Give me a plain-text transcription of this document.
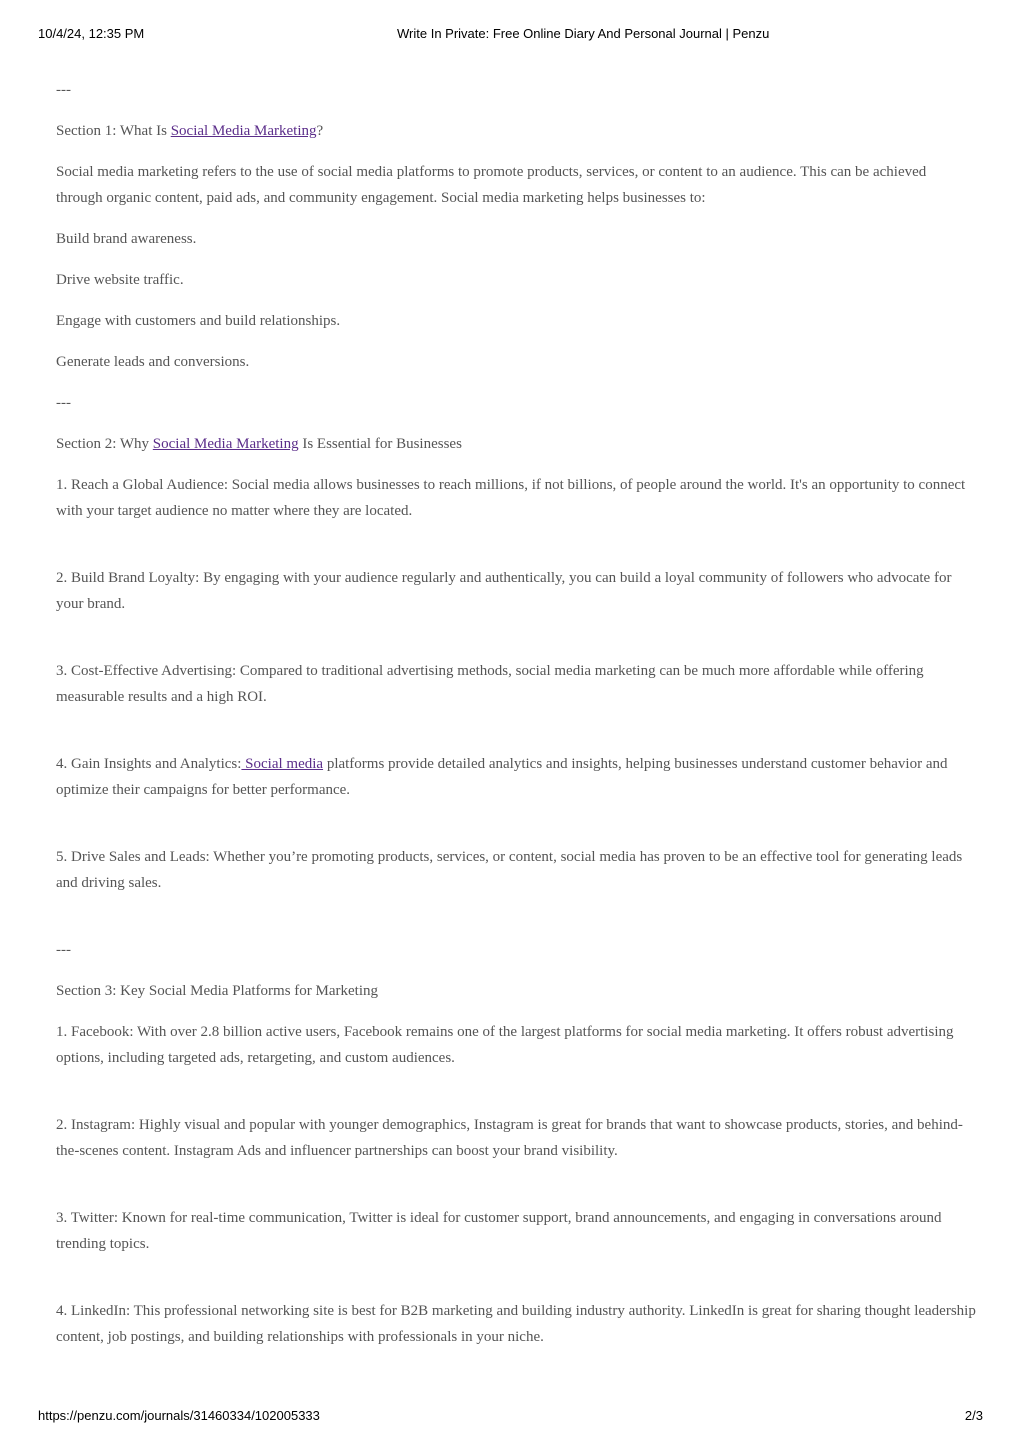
10/4/24, 12:35 PM	Write In Private: Free Online Diary And Personal Journal | Penzu

---

Section 1: What Is Social Media Marketing?

Social media marketing refers to the use of social media platforms to promote products, services, or content to an audience. This can be achieved through organic content, paid ads, and community engagement. Social media marketing helps businesses to:

Build brand awareness.

Drive website traffic.

Engage with customers and build relationships.

Generate leads and conversions.

---

Section 2: Why Social Media Marketing Is Essential for Businesses

1. Reach a Global Audience: Social media allows businesses to reach millions, if not billions, of people around the world. It's an opportunity to connect with your target audience no matter where they are located.

2. Build Brand Loyalty: By engaging with your audience regularly and authentically, you can build a loyal community of followers who advocate for your brand.

3. Cost-Effective Advertising: Compared to traditional advertising methods, social media marketing can be much more affordable while offering measurable results and a high ROI.

4. Gain Insights and Analytics: Social media platforms provide detailed analytics and insights, helping businesses understand customer behavior and optimize their campaigns for better performance.

5. Drive Sales and Leads: Whether you’re promoting products, services, or content, social media has proven to be an effective tool for generating leads and driving sales.

---

Section 3: Key Social Media Platforms for Marketing

1. Facebook: With over 2.8 billion active users, Facebook remains one of the largest platforms for social media marketing. It offers robust advertising options, including targeted ads, retargeting, and custom audiences.

2. Instagram: Highly visual and popular with younger demographics, Instagram is great for brands that want to showcase products, stories, and behind-the-scenes content. Instagram Ads and influencer partnerships can boost your brand visibility.

3. Twitter: Known for real-time communication, Twitter is ideal for customer support, brand announcements, and engaging in conversations around trending topics.

4. LinkedIn: This professional networking site is best for B2B marketing and building industry authority. LinkedIn is great for sharing thought leadership content, job postings, and building relationships with professionals in your niche.

https://penzu.com/journals/31460334/102005333	2/3
